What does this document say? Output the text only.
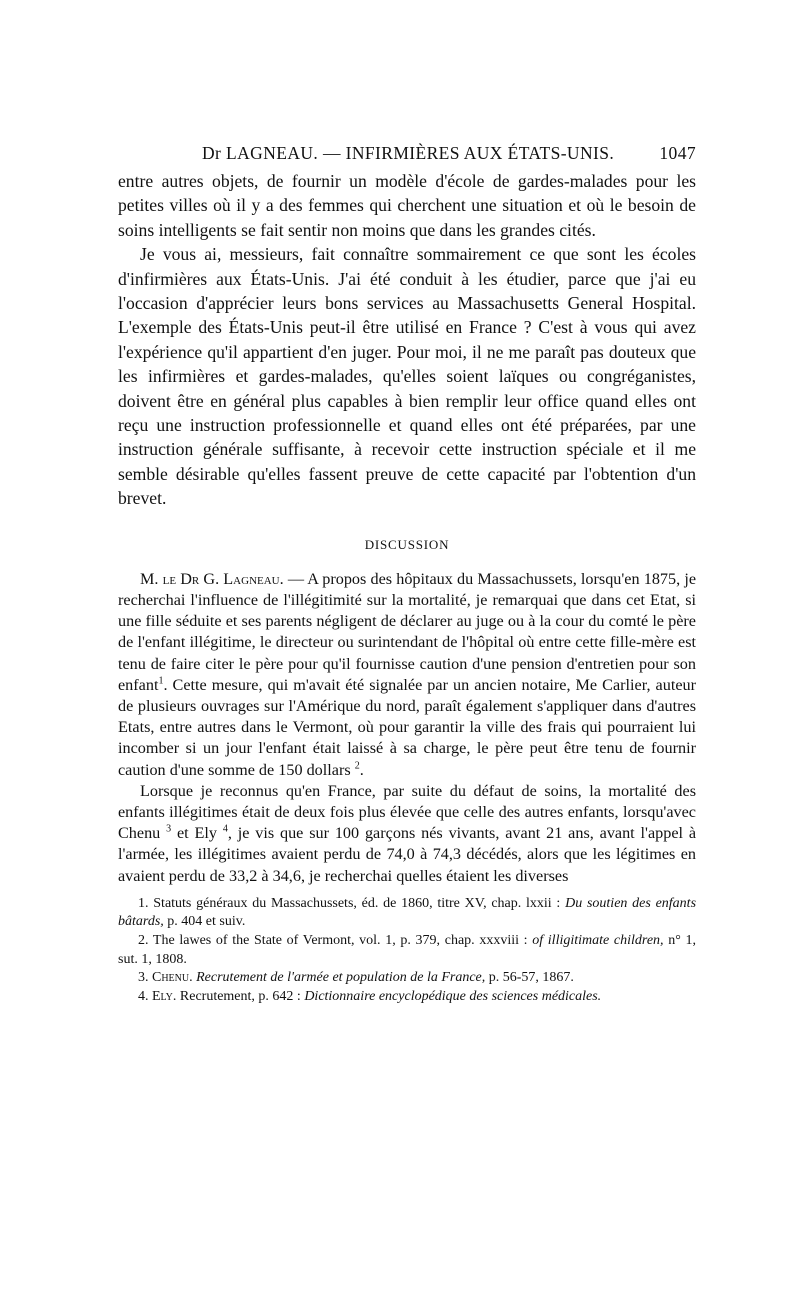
Dr LAGNEAU. — INFIRMIÈRES AUX ÉTATS-UNIS.	1047

entre autres objets, de fournir un modèle d'école de gardes-malades pour les petites villes où il y a des femmes qui cherchent une situation et où le besoin de soins intelligents se fait sentir non moins que dans les grandes cités.

Je vous ai, messieurs, fait connaître sommairement ce que sont les écoles d'infirmières aux États-Unis. J'ai été conduit à les étudier, parce que j'ai eu l'occasion d'apprécier leurs bons services au Massachusetts General Hospital. L'exemple des États-Unis peut-il être utilisé en France ? C'est à vous qui avez l'expérience qu'il appartient d'en juger. Pour moi, il ne me paraît pas douteux que les infirmières et gardes-malades, qu'elles soient laïques ou congréganistes, doivent être en général plus capables à bien remplir leur office quand elles ont reçu une instruction professionnelle et quand elles ont été préparées, par une instruction générale suffisante, à recevoir cette instruction spéciale et il me semble désirable qu'elles fassent preuve de cette capacité par l'obtention d'un brevet.

DISCUSSION

M. le Dr G. Lagneau. — A propos des hôpitaux du Massachussets, lorsqu'en 1875, je recherchai l'influence de l'illégitimité sur la mortalité, je remarquai que dans cet Etat, si une fille séduite et ses parents négligent de déclarer au juge ou à la cour du comté le père de l'enfant illégitime, le directeur ou surintendant de l'hôpital où entre cette fille-mère est tenu de faire citer le père pour qu'il fournisse caution d'une pension d'entretien pour son enfant$^1$. Cette mesure, qui m'avait été signalée par un ancien notaire, Me Carlier, auteur de plusieurs ouvrages sur l'Amérique du nord, paraît également s'appliquer dans d'autres Etats, entre autres dans le Vermont, où pour garantir la ville des frais qui pourraient lui incomber si un jour l'enfant était laissé à sa charge, le père peut être tenu de fournir caution d'une somme de 150 dollars $^2$.

Lorsque je reconnus qu'en France, par suite du défaut de soins, la mortalité des enfants illégitimes était de deux fois plus élevée que celle des autres enfants, lorsqu'avec Chenu $^3$ et Ely $^4$, je vis que sur 100 garçons nés vivants, avant 21 ans, avant l'appel à l'armée, les illégitimes avaient perdu de 74,0 à 74,3 décédés, alors que les légitimes en avaient perdu de 33,2 à 34,6, je recherchai quelles étaient les diverses

1. Statuts généraux du Massachussets, éd. de 1860, titre XV, chap. lxxii : Du soutien des enfants bâtards, p. 404 et suiv.

2. The lawes of the State of Vermont, vol. 1, p. 379, chap. xxxviii : of illigitimate children, n° 1, sut. 1, 1808.

3. Chenu. Recrutement de l'armée et population de la France, p. 56-57, 1867.

4. Ely. Recrutement, p. 642 : Dictionnaire encyclopédique des sciences médicales.
